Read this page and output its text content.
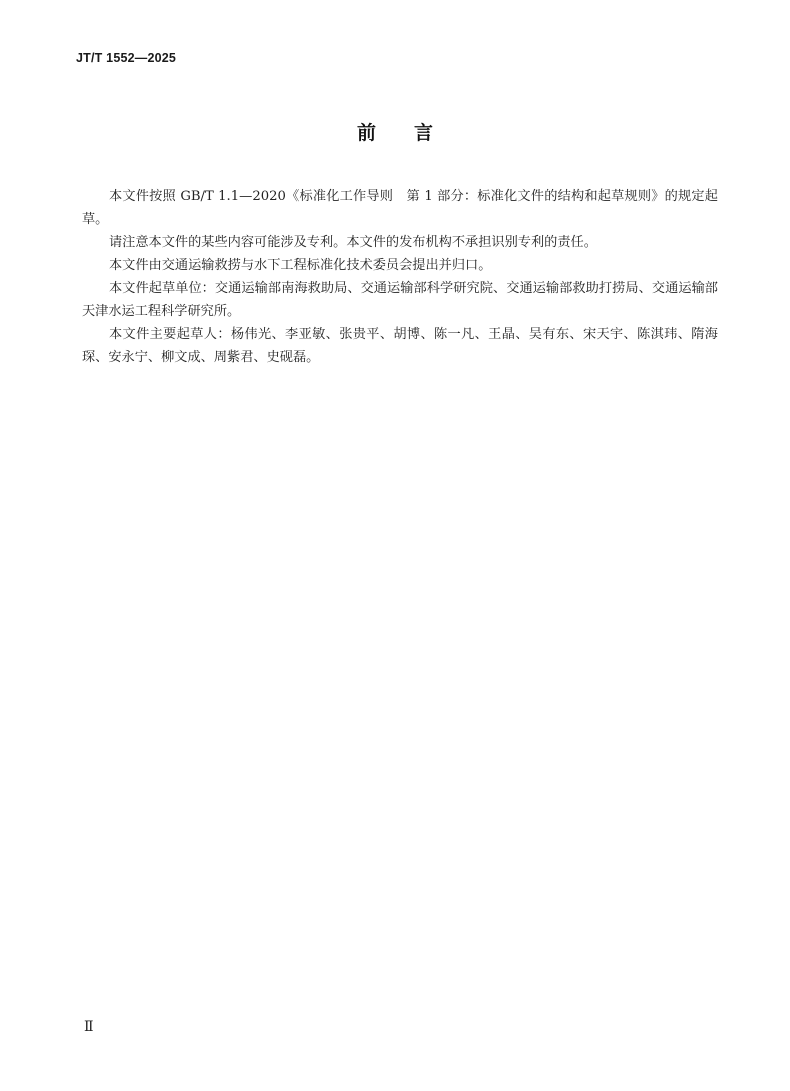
JT/T 1552—2025
前 言

本文件按照 GB/T 1.1—2020《标准化工作导则　第 1 部分：标准化文件的结构和起草规则》的规定起草。

请注意本文件的某些内容可能涉及专利。本文件的发布机构不承担识别专利的责任。

本文件由交通运输救捞与水下工程标准化技术委员会提出并归口。

本文件起草单位：交通运输部南海救助局、交通运输部科学研究院、交通运输部救助打捞局、交通运输部天津水运工程科学研究所。

本文件主要起草人：杨伟光、李亚敏、张贵平、胡博、陈一凡、王晶、吴有东、宋天宇、陈淇玮、隋海琛、安永宁、柳文成、周紫君、史砚磊。

Ⅱ
